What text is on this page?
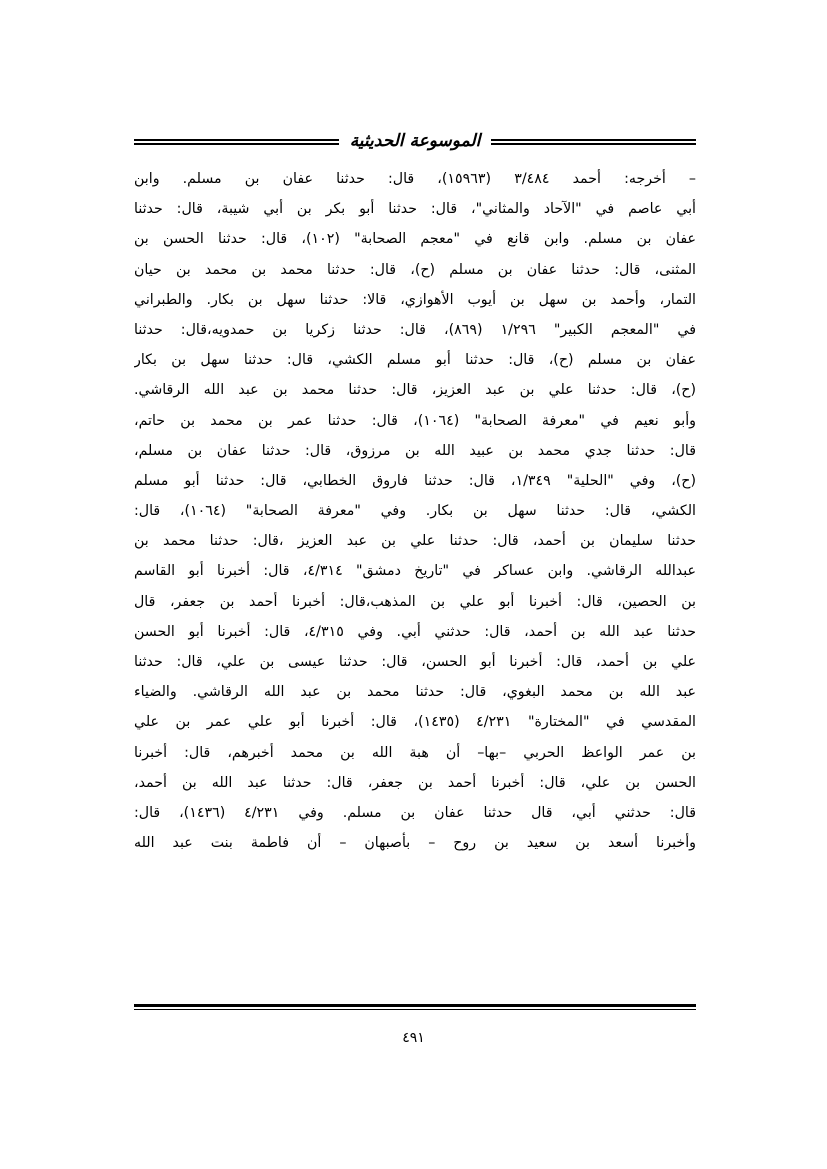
الموسوعة الحديثية
– أخرجه: أحمد ٣/٤٨٤ (١٥٩٦٣)، قال: حدثنا عفان بن مسلم. وابن
أبي عاصم في "الآحاد والمثاني"، قال: حدثنا أبو بكر بن أبي شيبة، قال: حدثنا
عفان بن مسلم. وابن قانع في "معجم الصحابة" (١٠٢)، قال: حدثنا الحسن بن
المثنى، قال: حدثنا عفان بن مسلم (ح)، قال: حدثنا محمد بن محمد بن حيان
التمار، وأحمد بن سهل بن أيوب الأهوازي، قالا: حدثنا سهل بن بكار. والطبراني
في "المعجم الكبير" ١/٢٩٦ (٨٦٩)، قال: حدثنا زكريا بن حمدويه،قال: حدثنا
عفان بن مسلم (ح)، قال: حدثنا أبو مسلم الكشي، قال: حدثنا سهل بن بكار
(ح)، قال: حدثنا علي بن عبد العزيز، قال: حدثنا محمد بن عبد الله الرقاشي.
وأبو نعيم في "معرفة الصحابة" (١٠٦٤)، قال: حدثنا عمر بن محمد بن حاتم،
قال: حدثنا جدي محمد بن عبيد الله بن مرزوق، قال: حدثنا عفان بن مسلم،
(ح)، وفي "الحلية" ١/٣٤٩، قال: حدثنا فاروق الخطابي، قال: حدثنا أبو مسلم
الكشي، قال: حدثنا سهل بن بكار. وفي "معرفة الصحابة" (١٠٦٤)، قال:
حدثنا سليمان بن أحمد، قال: حدثنا علي بن عبد العزيز ،قال: حدثنا محمد بن
عبدالله الرقاشي. وابن عساكر في "تاريخ دمشق" ٤/٣١٤، قال: أخبرنا أبو القاسم
بن الحصين، قال: أخبرنا أبو علي بن المذهب،قال: أخبرنا أحمد بن جعفر، قال
حدثنا عبد الله بن أحمد، قال: حدثني أبي. وفي ٤/٣١٥، قال: أخبرنا أبو الحسن
علي بن أحمد، قال: أخبرنا أبو الحسن، قال: حدثنا عيسى بن علي، قال: حدثنا
عبد الله بن محمد البغوي، قال: حدثنا محمد بن عبد الله الرقاشي. والضياء
المقدسي في "المختارة" ٤/٢٣١ (١٤٣٥)، قال: أخبرنا أبو علي عمر بن علي
بن عمر الواعظ الحربي –بها– أن هبة الله بن محمد أخبرهم، قال: أخبرنا
الحسن بن علي، قال: أخبرنا أحمد بن جعفر، قال: حدثنا عبد الله بن أحمد،
قال: حدثني أبي، قال حدثنا عفان بن مسلم. وفي ٤/٢٣١ (١٤٣٦)، قال:
وأخبرنا أسعد بن سعيد بن روح – بأصبهان – أن فاطمة بنت عبد الله
٤٩١
